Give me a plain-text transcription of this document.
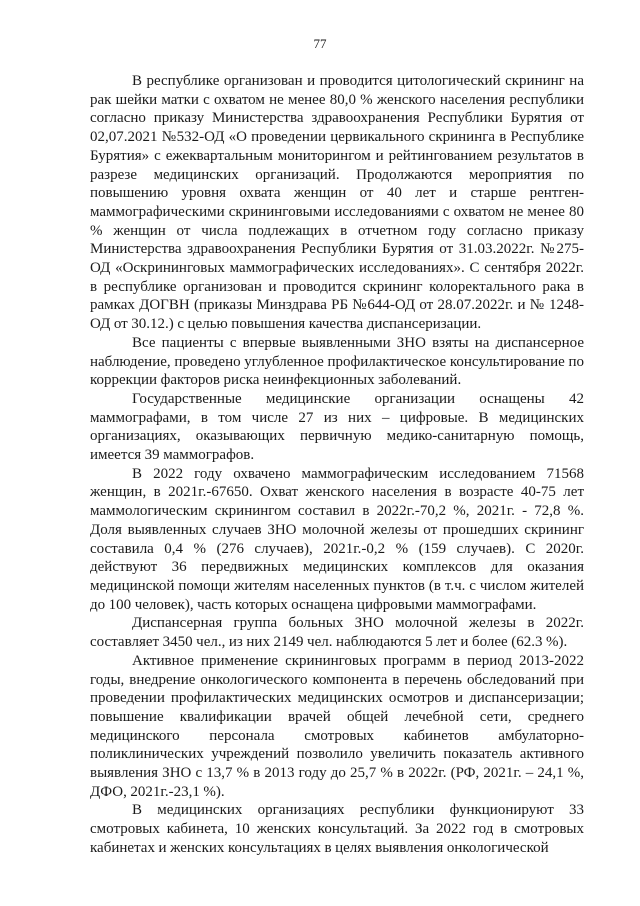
77

В республике организован и проводится цитологический скрининг на рак шейки матки с охватом не менее 80,0 % женского населения республики согласно приказу Министерства здравоохранения Республики Бурятия от 02,07.2021 №532-ОД «О проведении цервикального скрининга в Республике Бурятия» с ежеквартальным мониторингом и рейтингованием результатов в разрезе медицинских организаций. Продолжаются мероприятия по повышению уровня охвата женщин от 40 лет и старше рентген-маммографическими скрининговыми исследованиями с охватом не менее 80 % женщин от числа подлежащих в отчетном году согласно приказу Министерства здравоохранения Республики Бурятия от 31.03.2022г. №275-ОД «Оскрининговых маммографических исследованиях». С сентября 2022г. в республике организован и проводится скрининг колоректального рака в рамках ДОГВН (приказы Минздрава РБ №644-ОД от 28.07.2022г. и № 1248-ОД от 30.12.) с целью повышения качества диспансеризации.

Все пациенты с впервые выявленными ЗНО взяты на диспансерное наблюдение, проведено углубленное профилактическое консультирование по коррекции факторов риска неинфекционных заболеваний.

Государственные медицинские организации оснащены 42 маммографами, в том числе 27 из них – цифровые. В медицинских организациях, оказывающих первичную медико-санитарную помощь, имеется 39 маммографов.

В 2022 году охвачено маммографическим исследованием 71568 женщин, в 2021г.-67650. Охват женского населения в возрасте 40-75 лет маммологическим скринингом составил в 2022г.-70,2 %, 2021г. - 72,8 %. Доля выявленных случаев ЗНО молочной железы от прошедших скрининг составила 0,4 % (276 случаев), 2021г.-0,2 % (159 случаев). С 2020г. действуют 36 передвижных медицинских комплексов для оказания медицинской помощи жителям населенных пунктов (в т.ч. с числом жителей до 100 человек), часть которых оснащена цифровыми маммографами.

Диспансерная группа больных ЗНО молочной железы в 2022г. составляет 3450 чел., из них 2149 чел. наблюдаются 5 лет и более (62.3 %).

Активное применение скрининговых программ в период 2013-2022 годы, внедрение онкологического компонента в перечень обследований при проведении профилактических медицинских осмотров и диспансеризации; повышение квалификации врачей общей лечебной сети, среднего медицинского персонала смотровых кабинетов амбулаторно-поликлинических учреждений позволило увеличить показатель активного выявления ЗНО с 13,7 % в 2013 году до 25,7 % в 2022г. (РФ, 2021г. – 24,1 %, ДФО, 2021г.-23,1 %).

В медицинских организациях республики функционируют 33 смотровых кабинета, 10 женских консультаций. За 2022 год в смотровых кабинетах и женских консультациях в целях выявления онкологической
